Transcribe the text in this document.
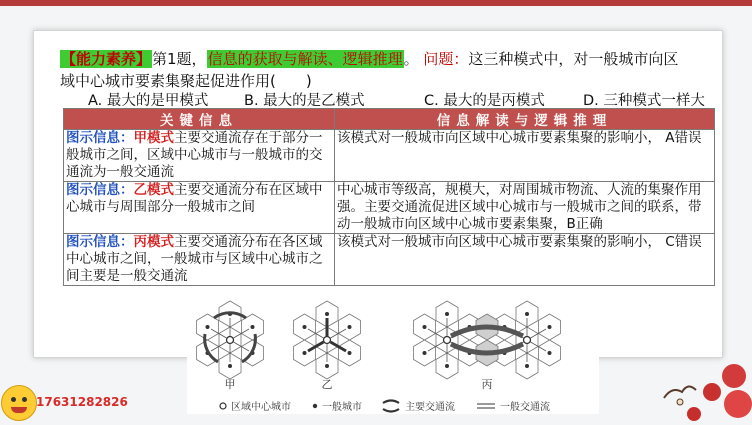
【能力素养】第1题，信息的获取与解读、逻辑推理。 问题：这三种模式中，对一般城市向区
域中心城市要素集聚起促进作用(　　)
A. 最大的是甲模式 B. 最大的是乙模式	C. 最大的是丙模式	D. 三种模式一样大
关键信息	信息解读与逻辑推理
图示信息：甲模式主要交通流存在于部分一般城市之间，区域中心城市与一般城市的交通流为一般交通流	该模式对一般城市向区域中心城市要素集聚的影响小， A错误
图示信息：乙模式主要交通流分布在区域中心城市与周围部分一般城市之间	中心城市等级高，规模大，对周围城市物流、人流的集聚作用强。主要交通流促进区域中心城市与一般城市之间的联系，带动一般城市向区域中心城市要素集聚，B正确
图示信息：丙模式主要交通流分布在各区域中心城市之间，一般城市与区域中心城市之间主要是一般交通流	该模式对一般城市向区域中心城市要素集聚的影响小， C错误
甲	乙	丙
区域中心城市	一般城市	主要交通流	一般交通流
17631282826
